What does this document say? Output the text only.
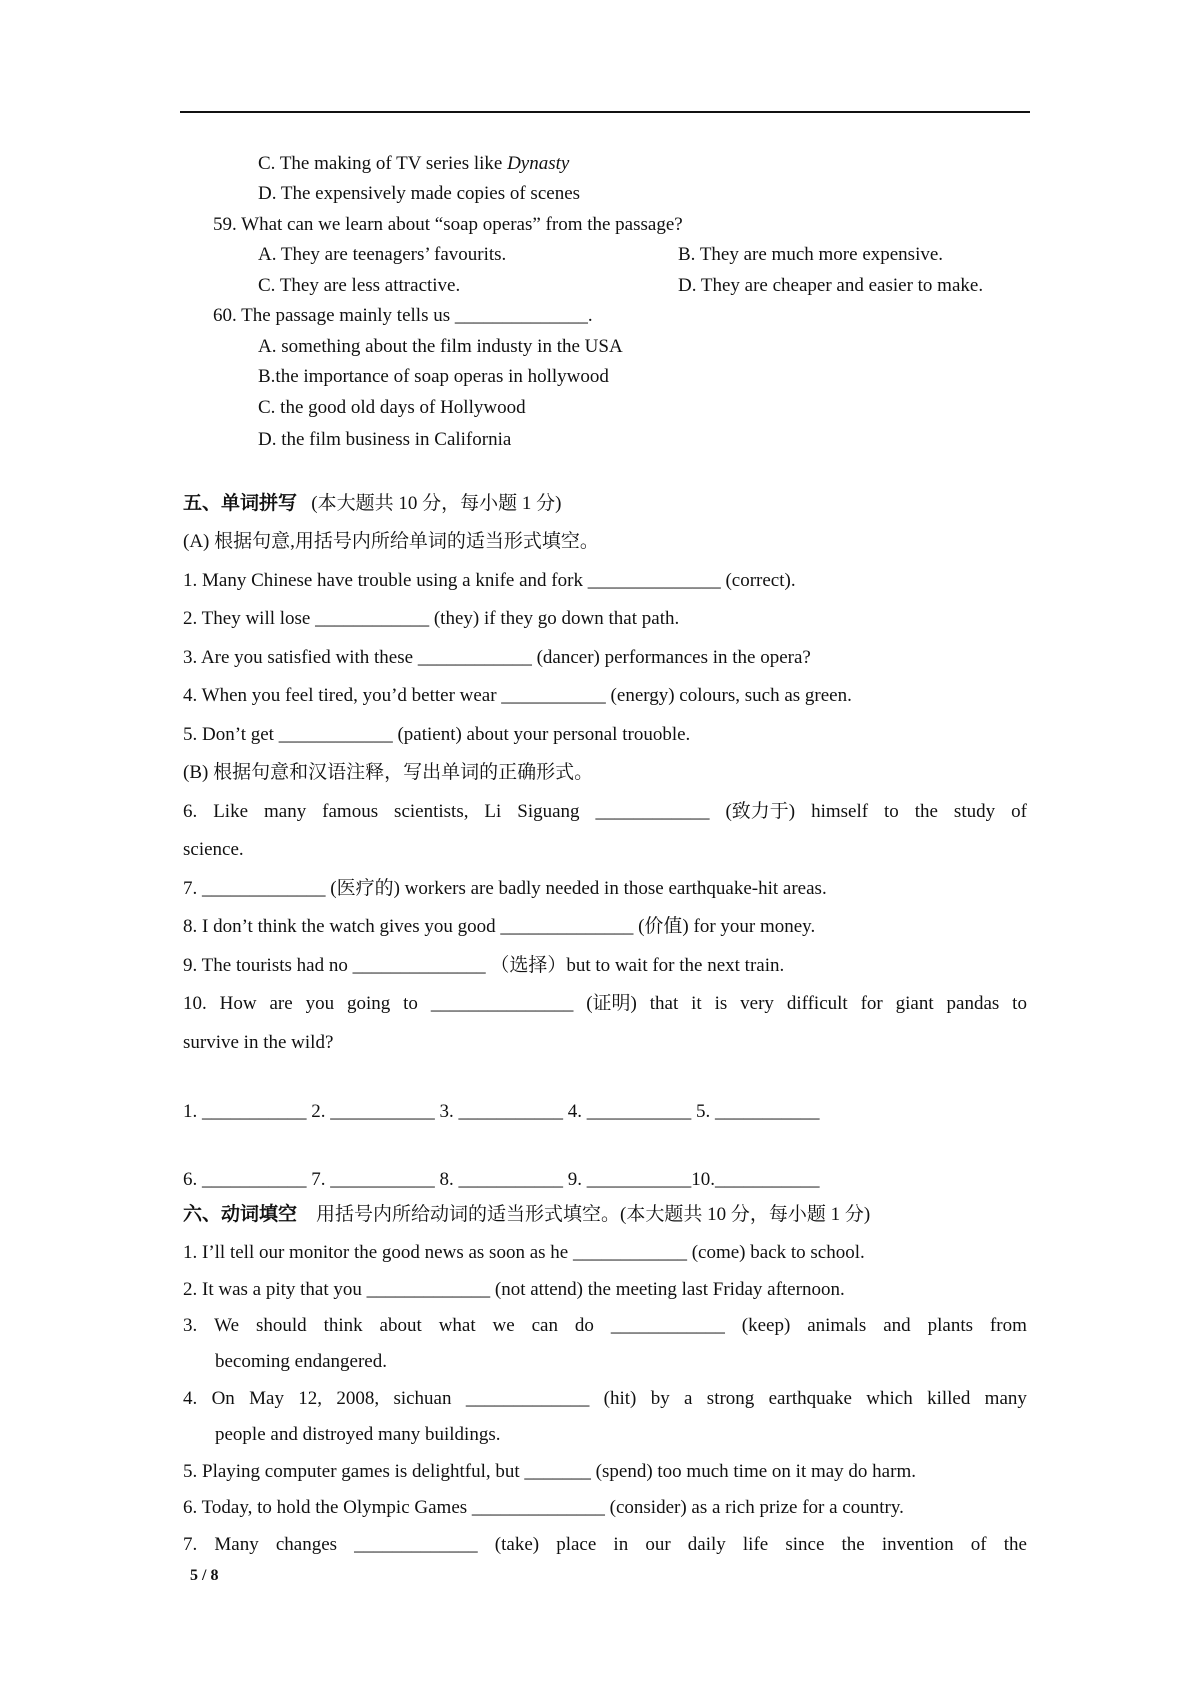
C. The making of TV series like Dynasty
D. The expensively made copies of scenes
59. What can we learn about “soap operas” from the passage?
A. They are teenagers’ favourits.	B. They are much more expensive.
C. They are less attractive.	D. They are cheaper and easier to make.
60. The passage mainly tells us ______________.
A. something about the film industy in the USA
B.the importance of soap operas in hollywood
C. the good old days of Hollywood
D. the film business in California
五、单词拼写 (本大题共 10 分，每小题 1 分)
(A) 根据句意,用括号内所给单词的适当形式填空。
1. Many Chinese have trouble using a knife and fork ______________ (correct).
2. They will lose ____________ (they) if they go down that path.
3. Are you satisfied with these ____________ (dancer) performances in the opera?
4. When you feel tired, you’d better wear ___________ (energy) colours, such as green.
5. Don’t get ____________ (patient) about your personal trouoble.
(B) 根据句意和汉语注释，写出单词的正确形式。
6. Like many famous scientists, Li Siguang ____________ (致力于) himself to the study of
science.
7. _____________ (医疗的) workers are badly needed in those earthquake-hit areas.
8. I don’t think the watch gives you good ______________ (价值) for your money.
9. The tourists had no ______________ （选择）but to wait for the next train.
10. How are you going to _______________ (证明) that it is very difficult for giant pandas to
survive in the wild?
1. ___________ 2. ___________ 3. ___________ 4. ___________ 5. ___________
6. ___________ 7. ___________ 8. ___________ 9. ___________10.___________
六、动词填空 用括号内所给动词的适当形式填空。(本大题共 10 分，每小题 1 分)
1. I’ll tell our monitor the good news as soon as he ____________ (come) back to school.
2. It was a pity that you _____________ (not attend) the meeting last Friday afternoon.
3. We should think about what we can do ____________ (keep) animals and plants from
becoming endangered.
4. On May 12, 2008, sichuan _____________ (hit) by a strong earthquake which killed many
people and distroyed many buildings.
5. Playing computer games is delightful, but _______ (spend) too much time on it may do harm.
6. Today, to hold the Olympic Games ______________ (consider) as a rich prize for a country.
7. Many changes _____________ (take) place in our daily life since the invention of the
5 / 8
